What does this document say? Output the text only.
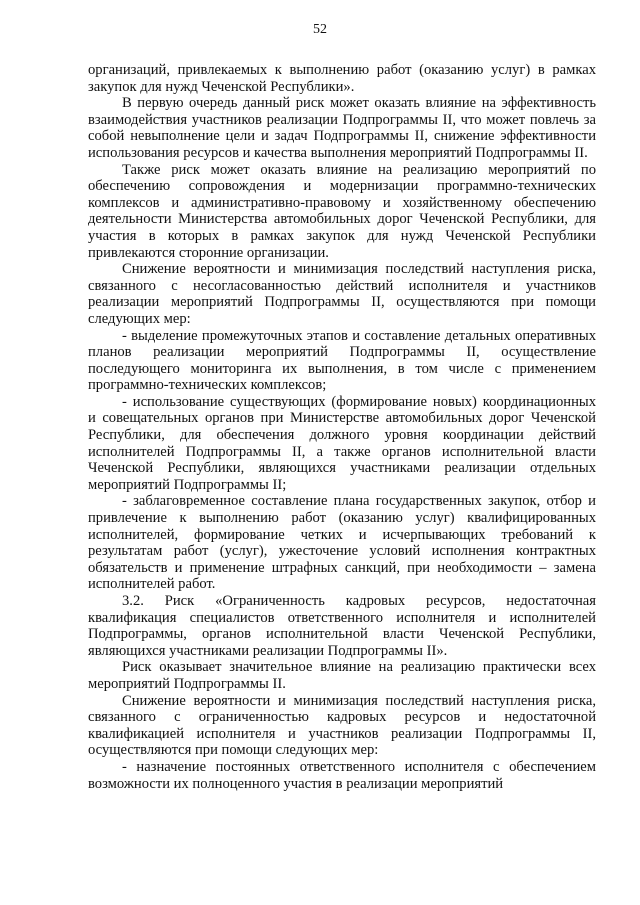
52

организаций, привлекаемых к выполнению работ (оказанию услуг) в рамках закупок для нужд Чеченской Республики».

В первую очередь данный риск может оказать влияние на эффективность взаимодействия участников реализации Подпрограммы II, что может повлечь за собой невыполнение цели и задач Подпрограммы II, снижение эффективности использования ресурсов и качества выполнения мероприятий Подпрограммы II.

Также риск может оказать влияние на реализацию мероприятий по обеспечению сопровождения и модернизации программно-технических комплексов и административно-правовому и хозяйственному обеспечению деятельности Министерства автомобильных дорог Чеченской Республики, для участия в которых в рамках закупок для нужд Чеченской Республики привлекаются сторонние организации.

Снижение вероятности и минимизация последствий наступления риска, связанного с несогласованностью действий исполнителя и участников реализации мероприятий Подпрограммы II, осуществляются при помощи следующих мер:

- выделение промежуточных этапов и составление детальных оперативных планов реализации мероприятий Подпрограммы II, осуществление последующего мониторинга их выполнения, в том числе с применением программно-технических комплексов;

- использование существующих (формирование новых) координационных и совещательных органов при Министерстве автомобильных дорог Чеченской Республики, для обеспечения должного уровня координации действий исполнителей Подпрограммы II, а также органов исполнительной власти Чеченской Республики, являющихся участниками реализации отдельных мероприятий Подпрограммы II;

- заблаговременное составление плана государственных закупок, отбор и привлечение к выполнению работ (оказанию услуг) квалифицированных исполнителей, формирование четких и исчерпывающих требований к результатам работ (услуг), ужесточение условий исполнения контрактных обязательств и применение штрафных санкций, при необходимости – замена исполнителей работ.

3.2. Риск «Ограниченность кадровых ресурсов, недостаточная квалификация специалистов ответственного исполнителя и исполнителей Подпрограммы, органов исполнительной власти Чеченской Республики, являющихся участниками реализации Подпрограммы II».

Риск оказывает значительное влияние на реализацию практически всех мероприятий Подпрограммы II.

Снижение вероятности и минимизация последствий наступления риска, связанного с ограниченностью кадровых ресурсов и недостаточной квалификацией исполнителя и участников реализации Подпрограммы II, осуществляются при помощи следующих мер:

- назначение постоянных ответственного исполнителя с обеспечением возможности их полноценного участия в реализации мероприятий
